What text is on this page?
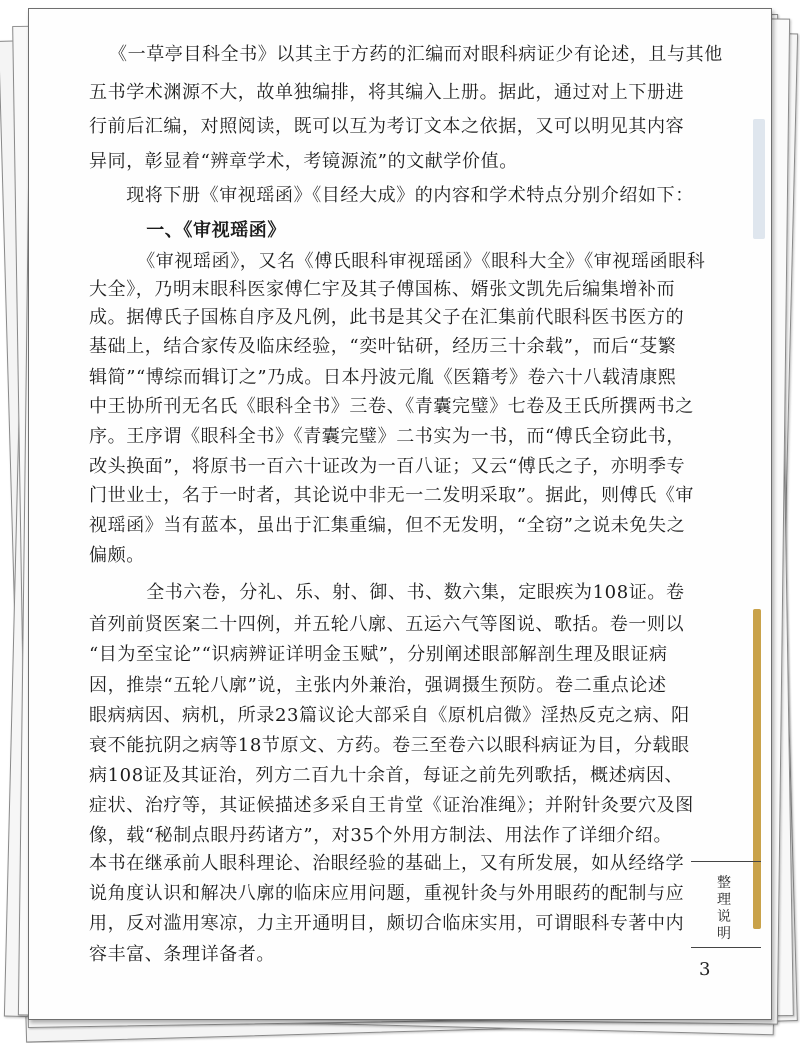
《一草亭目科全书》以其主于方药的汇编而对眼科病证少有论述，且与其他
五书学术渊源不大，故单独编排，将其编入上册。据此，通过对上下册进
行前后汇编，对照阅读，既可以互为考订文本之依据，又可以明见其内容
异同，彰显着“辨章学术，考镜源流”的文献学价值。
　　现将下册《审视瑶函》《目经大成》的内容和学术特点分别介绍如下：
　　一、《审视瑶函》
　　《审视瑶函》，又名《傅氏眼科审视瑶函》《眼科大全》《审视瑶函眼科
大全》，乃明末眼科医家傅仁宇及其子傅国栋、婿张文凯先后编集增补而
成。据傅氏子国栋自序及凡例，此书是其父子在汇集前代眼科医书医方的
基础上，结合家传及临床经验，“奕叶钻研，经历三十余载”，而后“芟繁
辑简”“博综而辑订之”乃成。日本丹波元胤《医籍考》卷六十八载清康熙
中王协所刊无名氏《眼科全书》三卷、《青囊完璧》七卷及王氏所撰两书之
序。王序谓《眼科全书》《青囊完璧》二书实为一书，而“傅氏全窃此书，
改头换面”，将原书一百六十证改为一百八证；又云“傅氏之子，亦明季专
门世业士，名于一时者，其论说中非无一二发明采取”。据此，则傅氏《审
视瑶函》当有蓝本，虽出于汇集重编，但不无发明，“全窃”之说未免失之
偏颇。
　　全书六卷，分礼、乐、射、御、书、数六集，定眼疾为108证。卷
首列前贤医案二十四例，并五轮八廓、五运六气等图说、歌括。卷一则以
“目为至宝论”“识病辨证详明金玉赋”，分别阐述眼部解剖生理及眼证病
因，推崇“五轮八廓”说，主张内外兼治，强调摄生预防。卷二重点论述
眼病病因、病机，所录23篇议论大部采自《原机启微》淫热反克之病、阳
衰不能抗阴之病等18节原文、方药。卷三至卷六以眼科病证为目，分载眼
病108证及其证治，列方二百九十余首，每证之前先列歌括，概述病因、
症状、治疗等，其证候描述多采自王肯堂《证治准绳》；并附针灸要穴及图
像，载“秘制点眼丹药诸方”，对35个外用方制法、用法作了详细介绍。
本书在继承前人眼科理论、治眼经验的基础上，又有所发展，如从经络学
说角度认识和解决八廓的临床应用问题，重视针灸与外用眼药的配制与应
用，反对滥用寒凉，力主开通明目，颇切合临床实用，可谓眼科专著中内
容丰富、条理详备者。
整理说明
3
